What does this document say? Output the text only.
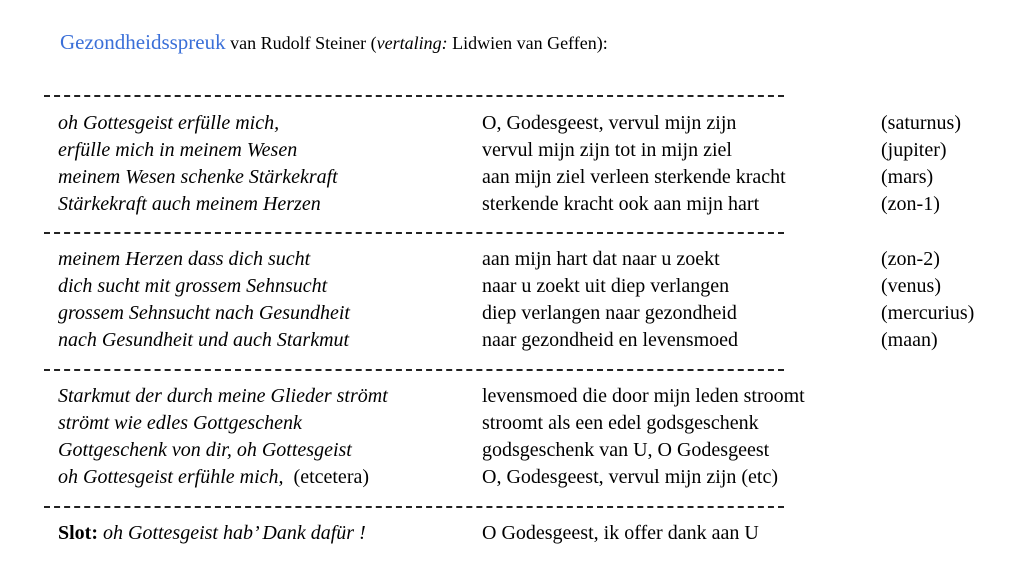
Gezondheidsspreuk van Rudolf Steiner (vertaling: Lidwien van Geffen):
oh Gottesgeist erfülle mich,	O, Godesgeest, vervul mijn zijn	(saturnus)
erfülle mich in meinem Wesen	vervul mijn zijn tot in mijn ziel	(jupiter)
meinem Wesen schenke Stärkekraft	aan mijn ziel verleen sterkende kracht	(mars)
Stärkekraft auch meinem Herzen	sterkende kracht ook aan mijn hart	(zon-1)
meinem Herzen dass dich sucht	aan mijn hart dat naar u zoekt	(zon-2)
dich sucht mit grossem Sehnsucht	naar u zoekt uit diep verlangen	(venus)
grossem Sehnsucht nach Gesundheit	diep verlangen naar gezondheid	(mercurius)
nach Gesundheit und auch Starkmut	naar gezondheid en levensmoed	(maan)
Starkmut der durch meine Glieder strömt	levensmoed die door mijn leden stroomt
strömt wie edles Gottgeschenk	stroomt als een edel godsgeschenk
Gottgeschenk von dir, oh Gottesgeist	godsgeschenk van U, O Godesgeest
oh Gottesgeist erfühle mich, (etcetera)	O, Godesgeest, vervul mijn zijn (etc)
Slot: oh Gottesgeist hab’ Dank dafür !	O Godesgeest, ik offer dank aan U
